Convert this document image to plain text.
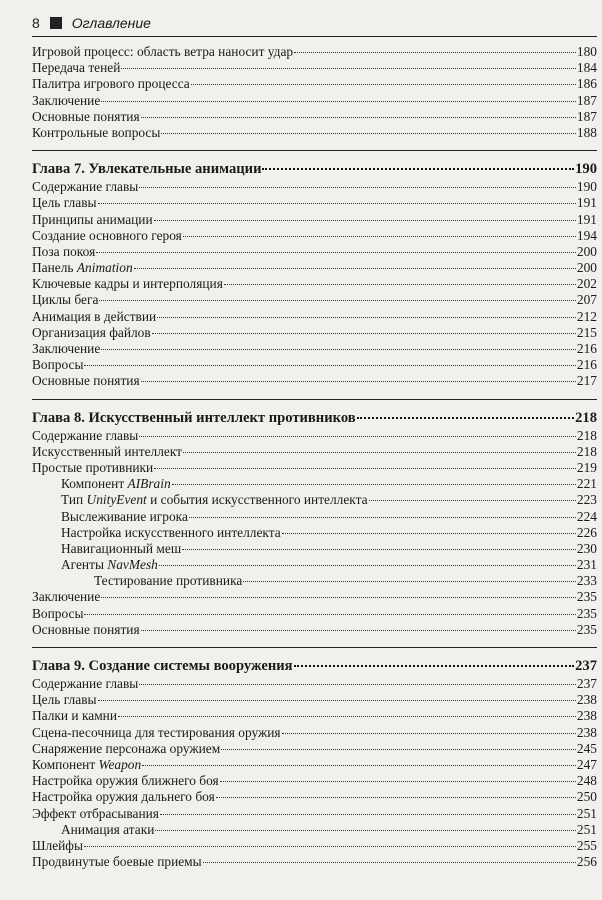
8 Оглавление
Игровой процесс: область ветра наносит удар	180
Передача теней	184
Палитра игрового процесса	186
Заключение	187
Основные понятия	187
Контрольные вопросы	188
Глава 7. Увлекательные анимации	190
Содержание главы	190
Цель главы	191
Принципы анимации	191
Создание основного героя	194
Поза покоя	200
Панель Animation	200
Ключевые кадры и интерполяция	202
Циклы бега	207
Анимация в действии	212
Организация файлов	215
Заключение	216
Вопросы	216
Основные понятия	217
Глава 8. Искусственный интеллект противников	218
Содержание главы	218
Искусственный интеллект	218
Простые противники	219
Компонент AIBrain	221
Тип UnityEvent и события искусственного интеллекта	223
Выслеживание игрока	224
Настройка искусственного интеллекта	226
Навигационный меш	230
Агенты NavMesh	231
Тестирование противника	233
Заключение	235
Вопросы	235
Основные понятия	235
Глава 9. Создание системы вооружения	237
Содержание главы	237
Цель главы	238
Палки и камни	238
Сцена-песочница для тестирования оружия	238
Снаряжение персонажа оружием	245
Компонент Weapon	247
Настройка оружия ближнего боя	248
Настройка оружия дальнего боя	250
Эффект отбрасывания	251
Анимация атаки	251
Шлейфы	255
Продвинутые боевые приемы	256
